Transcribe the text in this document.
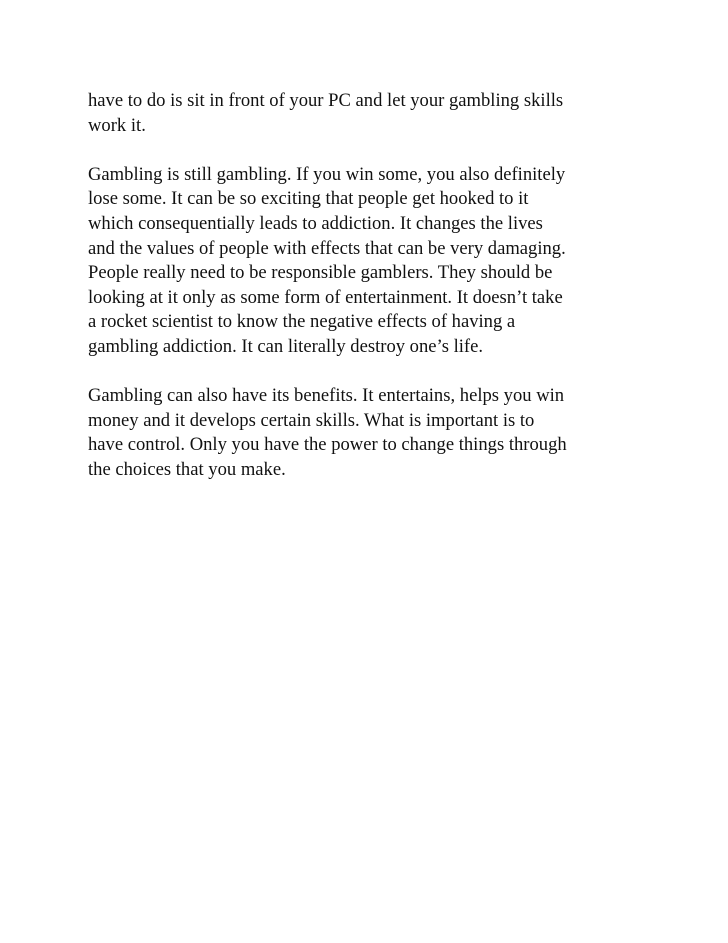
have to do is sit in front of your PC and let your gambling skills
work it.

Gambling is still gambling. If you win some, you also definitely
lose some. It can be so exciting that people get hooked to it
which consequentially leads to addiction. It changes the lives
and the values of people with effects that can be very damaging.
People really need to be responsible gamblers. They should be
looking at it only as some form of entertainment. It doesn’t take
a rocket scientist to know the negative effects of having a
gambling addiction. It can literally destroy one’s life.

Gambling can also have its benefits. It entertains, helps you win
money and it develops certain skills. What is important is to
have control. Only you have the power to change things through
the choices that you make.
